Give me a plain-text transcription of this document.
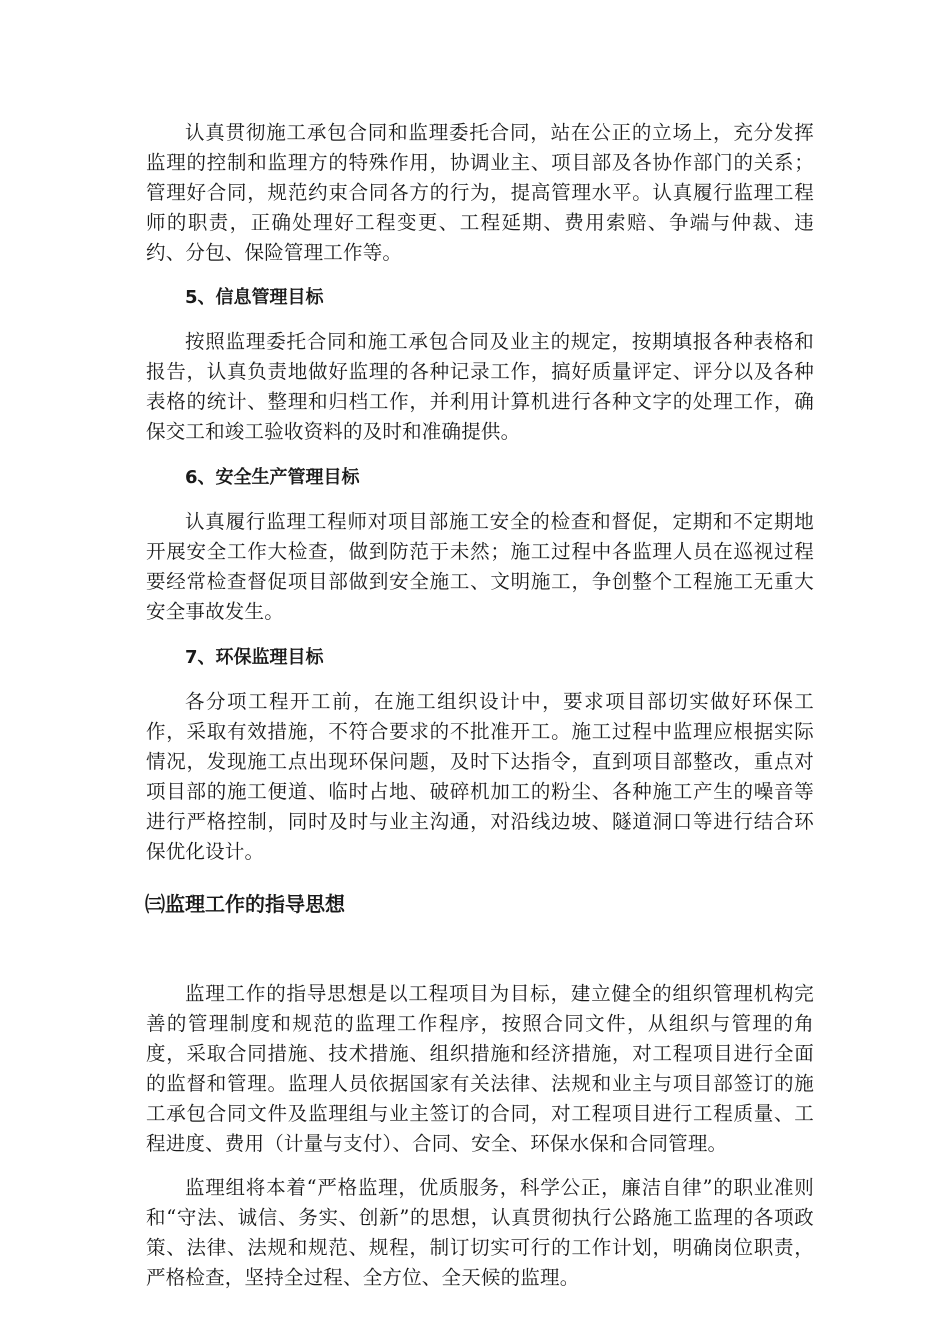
认真贯彻施工承包合同和监理委托合同，站在公正的立场上，充分发挥监理的控制和监理方的特殊作用，协调业主、项目部及各协作部门的关系；管理好合同，规范约束合同各方的行为，提高管理水平。认真履行监理工程师的职责，正确处理好工程变更、工程延期、费用索赔、争端与仲裁、违约、分包、保险管理工作等。

5、信息管理目标

按照监理委托合同和施工承包合同及业主的规定，按期填报各种表格和报告，认真负责地做好监理的各种记录工作，搞好质量评定、评分以及各种表格的统计、整理和归档工作，并利用计算机进行各种文字的处理工作，确保交工和竣工验收资料的及时和准确提供。

6、安全生产管理目标

认真履行监理工程师对项目部施工安全的检查和督促，定期和不定期地开展安全工作大检查，做到防范于未然；施工过程中各监理人员在巡视过程要经常检查督促项目部做到安全施工、文明施工，争创整个工程施工无重大安全事故发生。

7、环保监理目标

各分项工程开工前，在施工组织设计中，要求项目部切实做好环保工作，采取有效措施，不符合要求的不批准开工。施工过程中监理应根据实际情况，发现施工点出现环保问题，及时下达指令，直到项目部整改，重点对项目部的施工便道、临时占地、破碎机加工的粉尘、各种施工产生的噪音等进行严格控制，同时及时与业主沟通，对沿线边坡、隧道洞口等进行结合环保优化设计。

㈢监理工作的指导思想

监理工作的指导思想是以工程项目为目标，建立健全的组织管理机构完善的管理制度和规范的监理工作程序，按照合同文件，从组织与管理的角度，采取合同措施、技术措施、组织措施和经济措施，对工程项目进行全面的监督和管理。监理人员依据国家有关法律、法规和业主与项目部签订的施工承包合同文件及监理组与业主签订的合同，对工程项目进行工程质量、工程进度、费用（计量与支付）、合同、安全、环保水保和合同管理。

监理组将本着“严格监理，优质服务，科学公正，廉洁自律”的职业准则和“守法、诚信、务实、创新”的思想，认真贯彻执行公路施工监理的各项政策、法律、法规和规范、规程，制订切实可行的工作计划，明确岗位职责，严格检查，坚持全过程、全方位、全天候的监理。
